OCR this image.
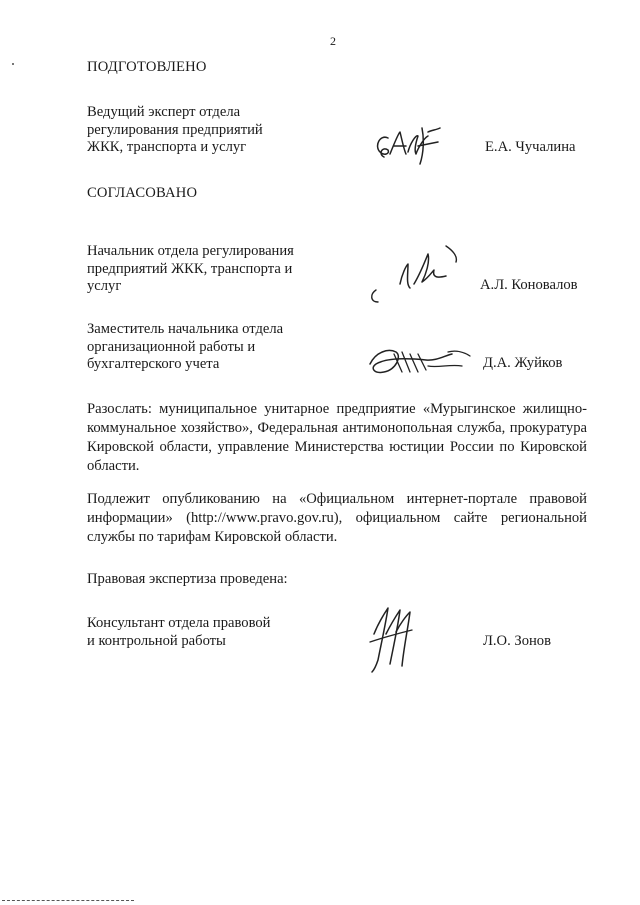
2
ПОДГОТОВЛЕНО
Ведущий эксперт отдела
регулирования предприятий
ЖКК, транспорта и услуг	Е.А. Чучалина
СОГЛАСОВАНО
Начальник отдела регулирования
предприятий ЖКК, транспорта и
услуг	А.Л. Коновалов
Заместитель начальника отдела
организационной работы и
бухгалтерского учета	Д.А. Жуйков
Разослать: муниципальное унитарное предприятие «Мурыгинское жилищно-коммунальное хозяйство», Федеральная антимонопольная служба, прокуратура Кировской области, управление Министерства юстиции России по Кировской области.
Подлежит опубликованию на «Официальном интернет-портале правовой информации» (http://www.pravo.gov.ru), официальном сайте региональной службы по тарифам Кировской области.
Правовая экспертиза проведена:
Консультант отдела правовой
и контрольной работы	Л.О. Зонов
